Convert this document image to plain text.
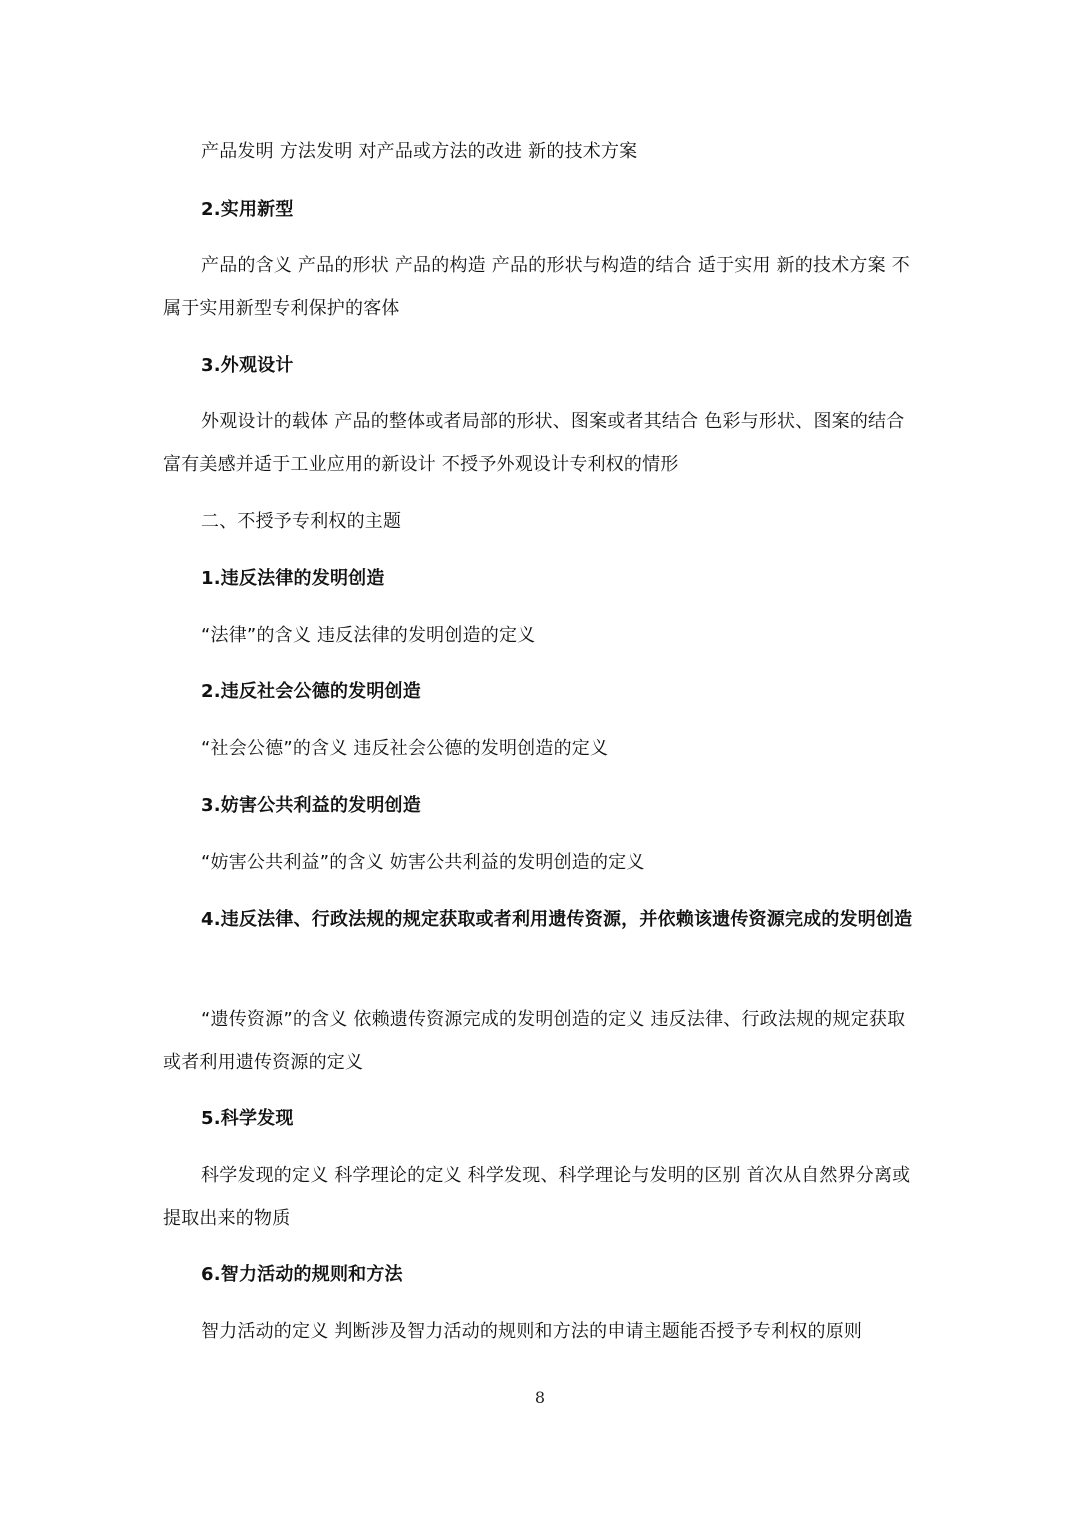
产品发明 方法发明 对产品或方法的改进 新的技术方案
2.实用新型
产品的含义 产品的形状 产品的构造 产品的形状与构造的结合 适于实用 新的技术方案 不属于实用新型专利保护的客体
3.外观设计
外观设计的载体 产品的整体或者局部的形状、图案或者其结合 色彩与形状、图案的结合 富有美感并适于工业应用的新设计 不授予外观设计专利权的情形
二、不授予专利权的主题
1.违反法律的发明创造
“法律”的含义 违反法律的发明创造的定义
2.违反社会公德的发明创造
“社会公德”的含义 违反社会公德的发明创造的定义
3.妨害公共利益的发明创造
“妨害公共利益”的含义 妨害公共利益的发明创造的定义
4.违反法律、行政法规的规定获取或者利用遗传资源，并依赖该遗传资源完成的发明创造
“遗传资源”的含义 依赖遗传资源完成的发明创造的定义 违反法律、行政法规的规定获取或者利用遗传资源的定义
5.科学发现
科学发现的定义 科学理论的定义 科学发现、科学理论与发明的区别 首次从自然界分离或提取出来的物质
6.智力活动的规则和方法
智力活动的定义 判断涉及智力活动的规则和方法的申请主题能否授予专利权的原则
8
